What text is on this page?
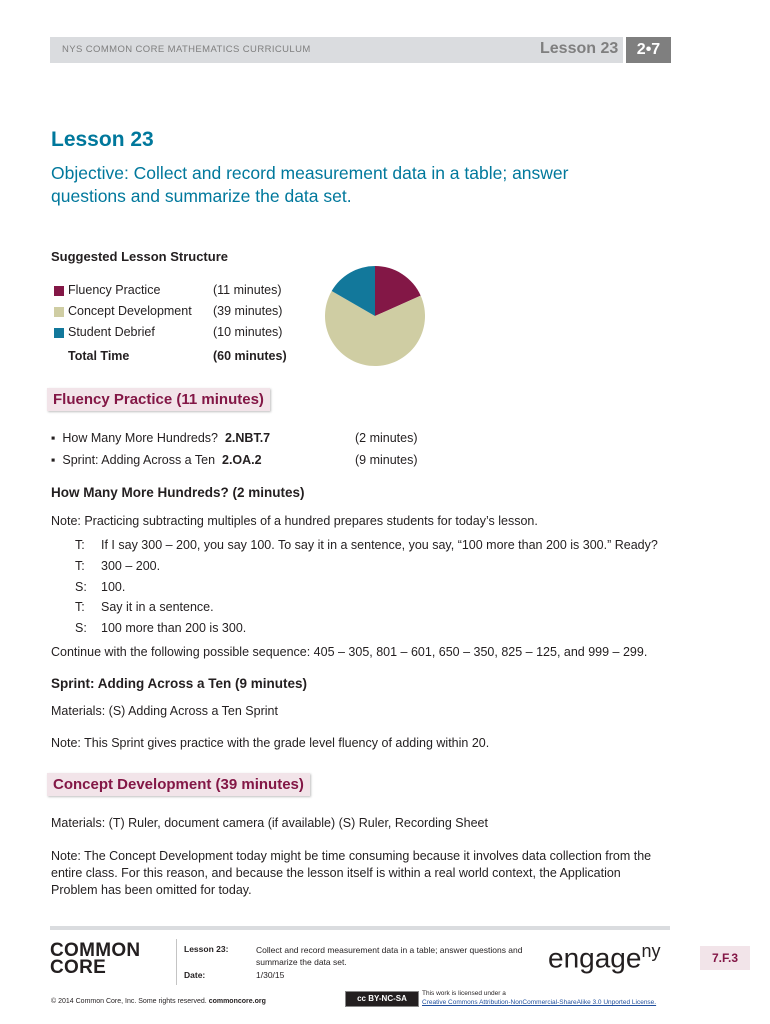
NYS COMMON CORE MATHEMATICS CURRICULUM	Lesson 23	2•7
Lesson 23
Objective: Collect and record measurement data in a table; answer
questions and summarize the data set.
Suggested Lesson Structure
Fluency Practice	(11 minutes)
Concept Development (39 minutes)
Student Debrief	(10 minutes)
Total Time	(60 minutes)
Fluency Practice (11 minutes)
▪ How Many More Hundreds? 2.NBT.7	(2 minutes)
▪ Sprint: Adding Across a Ten 2.OA.2	(9 minutes)
How Many More Hundreds? (2 minutes)
Note: Practicing subtracting multiples of a hundred prepares students for today’s lesson.
T: If I say 300 – 200, you say 100. To say it in a sentence, you say, “100 more than 200 is 300.” Ready?
T: 300 – 200.
S: 100.
T: Say it in a sentence.
S: 100 more than 200 is 300.
Continue with the following possible sequence: 405 – 305, 801 – 601, 650 – 350, 825 – 125, and 999 – 299.
Sprint: Adding Across a Ten (9 minutes)
Materials: (S) Adding Across a Ten Sprint
Note: This Sprint gives practice with the grade level fluency of adding within 20.
Concept Development (39 minutes)
Materials: (T) Ruler, document camera (if available) (S) Ruler, Recording Sheet
Note: The Concept Development today might be time consuming because it involves data collection from the
entire class. For this reason, and because the lesson itself is within a real world context, the Application
Problem has been omitted for today.
COMMON
CORE
Lesson 23:	Collect and record measurement data in a table; answer questions and
summarize the data set.
Date:	1/30/15
engage$^{ny}$	7.F.3
© 2014 Common Core, Inc. Some rights reserved. commoncore.org	cc BY-NC-SA
This work is licensed under a
Creative Commons Attribution-NonCommercial-ShareAlike 3.0 Unported License.
